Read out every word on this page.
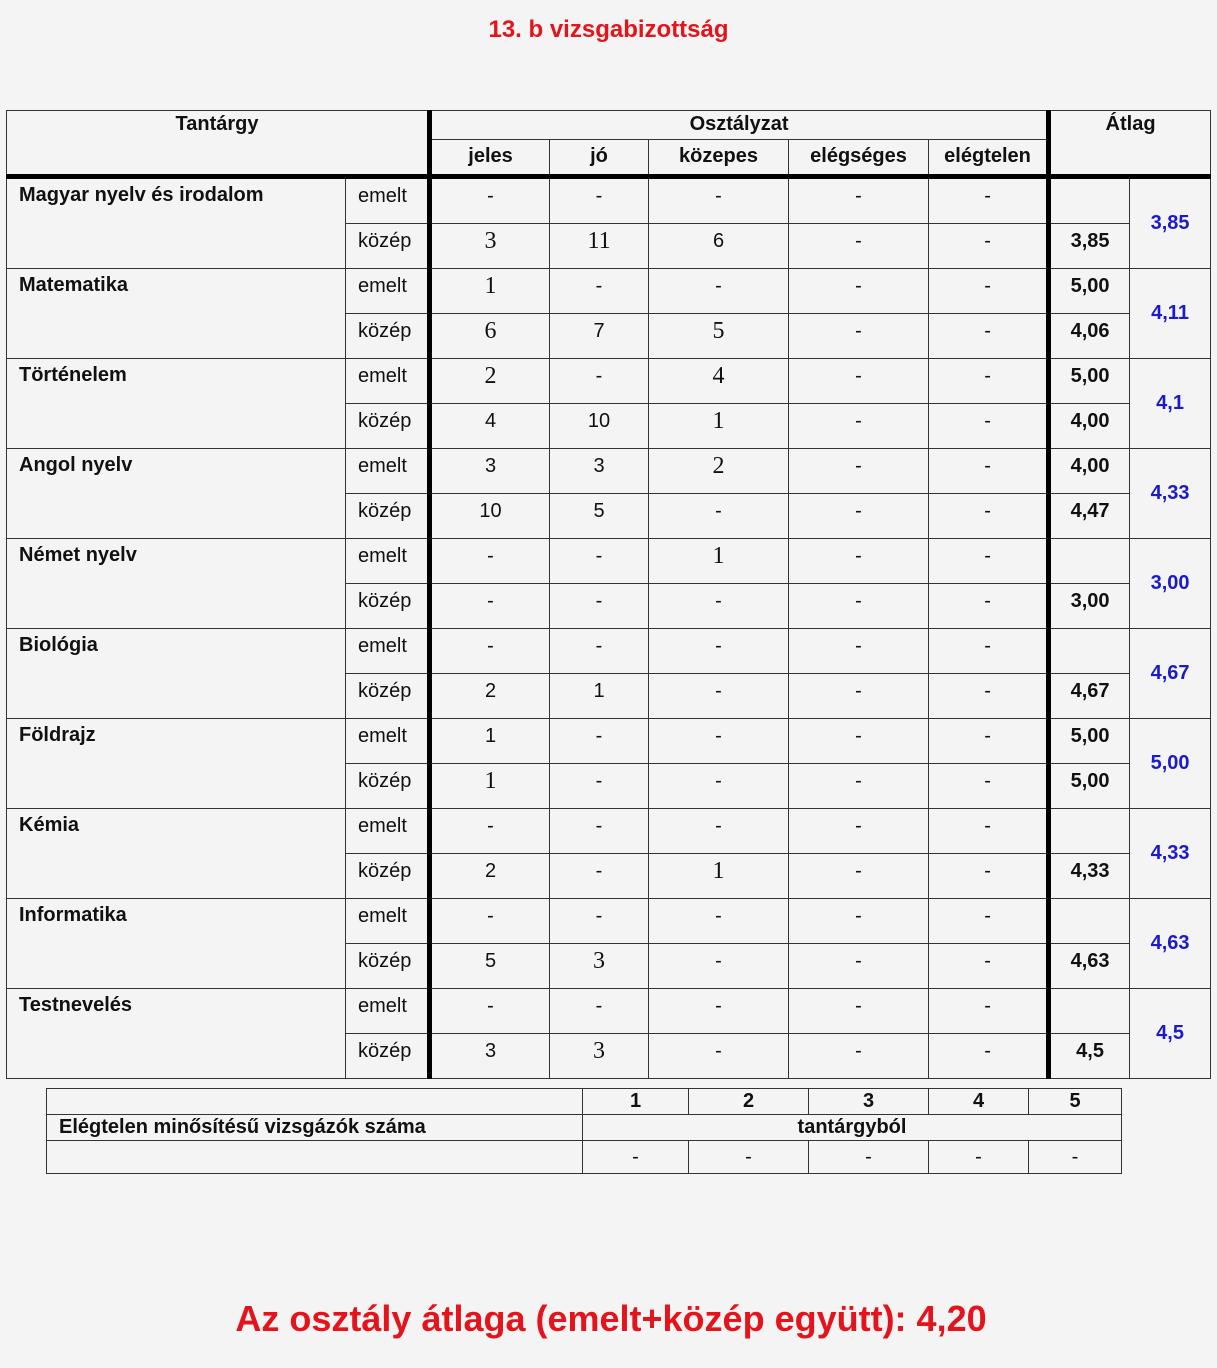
13. b vizsgabizottság
Tantárgy		Osztályzat					Átlag	
		jeles	jó	közepes	elégséges	elégtelen		
Magyar nyelv és irodalom	emelt	-	-	-	-	-		3,85
	közép	3	11	6	-	-	3,85	
Matematika	emelt	1	-	-	-	-	5,00	4,11
	közép	6	7	5	-	-	4,06	
Történelem	emelt	2	-	4	-	-	5,00	4,1
	közép	4	10	1	-	-	4,00	
Angol nyelv	emelt	3	3	2	-	-	4,00	4,33
	közép	10	5	-	-	-	4,47	
Német nyelv	emelt	-	-	1	-	-		3,00
	közép	-	-	-	-	-	3,00	
Biológia	emelt	-	-	-	-	-		4,67
	közép	2	1	-	-	-	4,67	
Földrajz	emelt	1	-	-	-	-	5,00	5,00
	közép	1	-	-	-	-	5,00	
Kémia	emelt	-	-	-	-	-		4,33
	közép	2	-	1	-	-	4,33	
Informatika	emelt	-	-	-	-	-		4,63
	közép	5	3	-	-	-	4,63	
Testnevelés	emelt	-	-	-	-	-		4,5
	közép	3	3	-	-	-	4,5	
	1	2	3	4	5
Elégtelen minősítésű vizsgázók száma	tantárgyból				
	-	-	-	-	-
Az osztály átlaga (emelt+közép együtt): 4,20
